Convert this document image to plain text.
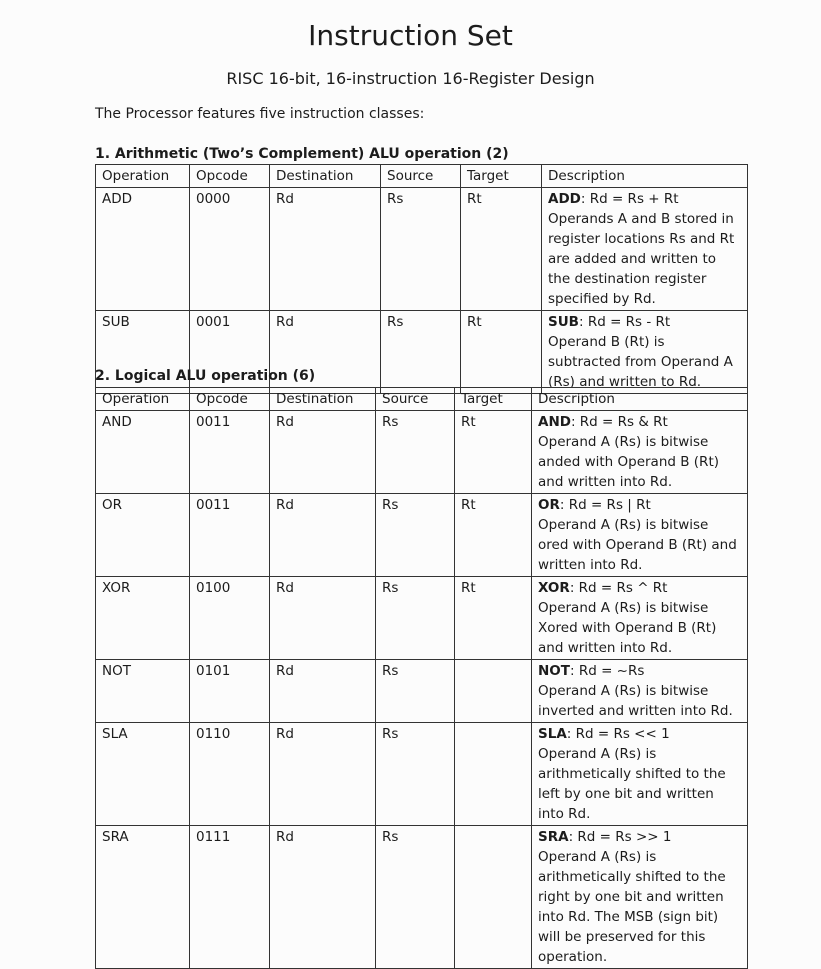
Instruction Set
RISC 16-bit, 16-instruction 16-Register Design
The Processor features five instruction classes:
1. Arithmetic (Two’s Complement) ALU operation (2)
Operation	Opcode	Destination	Source	Target	Description
ADD	0000	Rd	Rs	Rt	ADD: Rd = Rs + Rt
Operands A and B stored in register locations Rs and Rt are added and written to the destination register specified by Rd.
SUB	0001	Rd	Rs	Rt	SUB: Rd = Rs - Rt
Operand B (Rt) is subtracted from Operand A (Rs) and written to Rd.
2. Logical ALU operation (6)
Operation	Opcode	Destination	Source	Target	Description
AND	0011	Rd	Rs	Rt	AND: Rd = Rs & Rt
Operand A (Rs) is bitwise anded with Operand B (Rt) and written into Rd.
OR	0011	Rd	Rs	Rt	OR: Rd = Rs | Rt
Operand A (Rs) is bitwise ored with Operand B (Rt) and written into Rd.
XOR	0100	Rd	Rs	Rt	XOR: Rd = Rs ^ Rt
Operand A (Rs) is bitwise Xored with Operand B (Rt) and written into Rd.
NOT	0101	Rd	Rs		NOT: Rd = ~Rs
Operand A (Rs) is bitwise inverted and written into Rd.
SLA	0110	Rd	Rs		SLA: Rd = Rs << 1
Operand A (Rs) is arithmetically shifted to the left by one bit and written into Rd.
SRA	0111	Rd	Rs		SRA: Rd = Rs >> 1
Operand A (Rs) is arithmetically shifted to the right by one bit and written into Rd. The MSB (sign bit) will be preserved for this operation.
